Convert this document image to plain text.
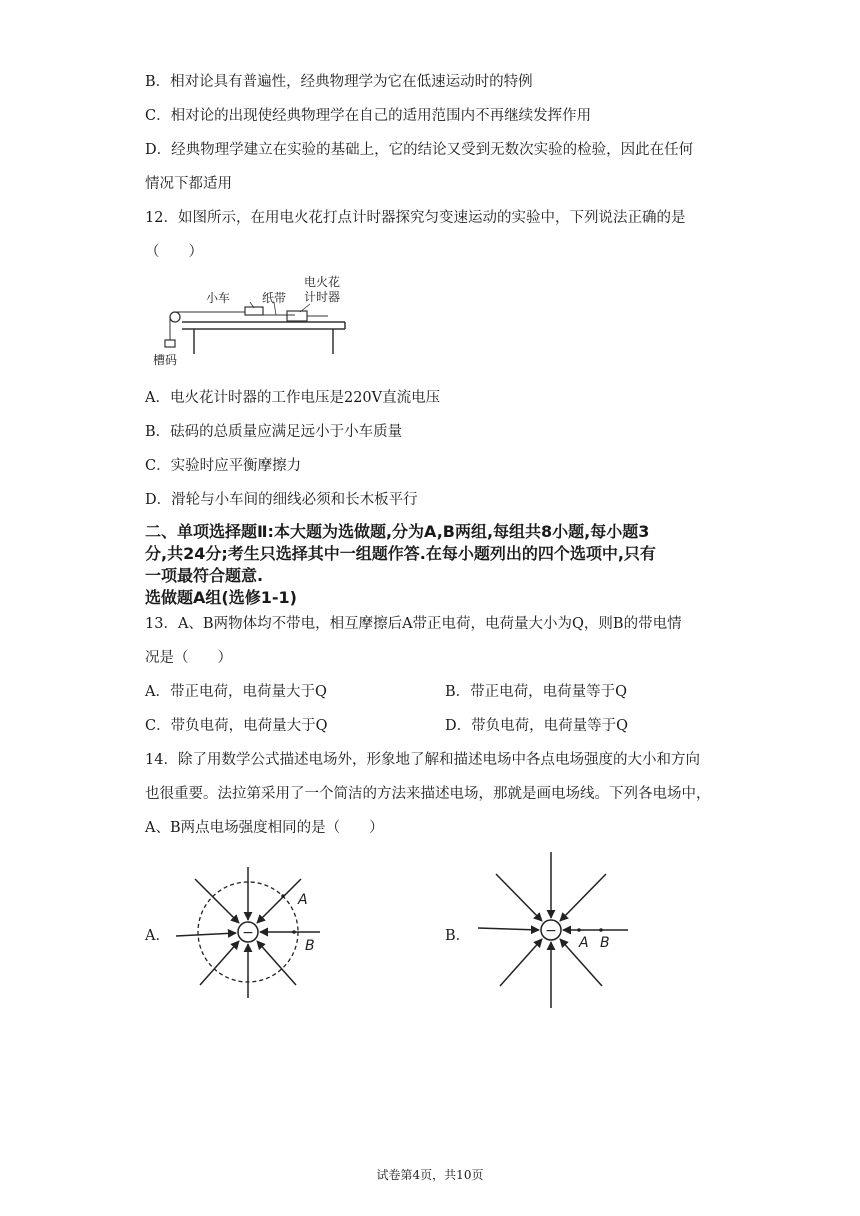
B．相对论具有普遍性，经典物理学为它在低速运动时的特例
C．相对论的出现使经典物理学在自己的适用范围内不再继续发挥作用
D．经典物理学建立在实验的基础上，它的结论又受到无数次实验的检验，因此在任何
情况下都适用
12．如图所示，在用电火花打点计时器探究匀变速运动的实验中，下列说法正确的是
（　　）
小车	纸带
电火花
计时器
槽码
A．电火花计时器的工作电压是220V直流电压
B．砝码的总质量应满足远小于小车质量
C．实验时应平衡摩擦力
D．滑轮与小车间的细线必须和长木板平行
二、单项选择题Ⅱ:本大题为选做题,分为A,B两组,每组共8小题,每小题3
分,共24分;考生只选择其中一组题作答.在每小题列出的四个选项中,只有
一项最符合题意.
选做题A组(选修1-1)
13．A、B两物体均不带电，相互摩擦后A带正电荷，电荷量大小为Q，则B的带电情
况是（　　）
A．带正电荷，电荷量大于Q	B．带正电荷，电荷量等于Q
C．带负电荷，电荷量大于Q	D．带负电荷，电荷量等于Q
14．除了用数学公式描述电场外，形象地了解和描述电场中各点电场强度的大小和方向
也很重要。法拉第采用了一个简洁的方法来描述电场，那就是画电场线。下列各电场中，
A、B两点电场强度相同的是（　　）
A．	B．
−
A
B
−
A B
试卷第4页，共10页
